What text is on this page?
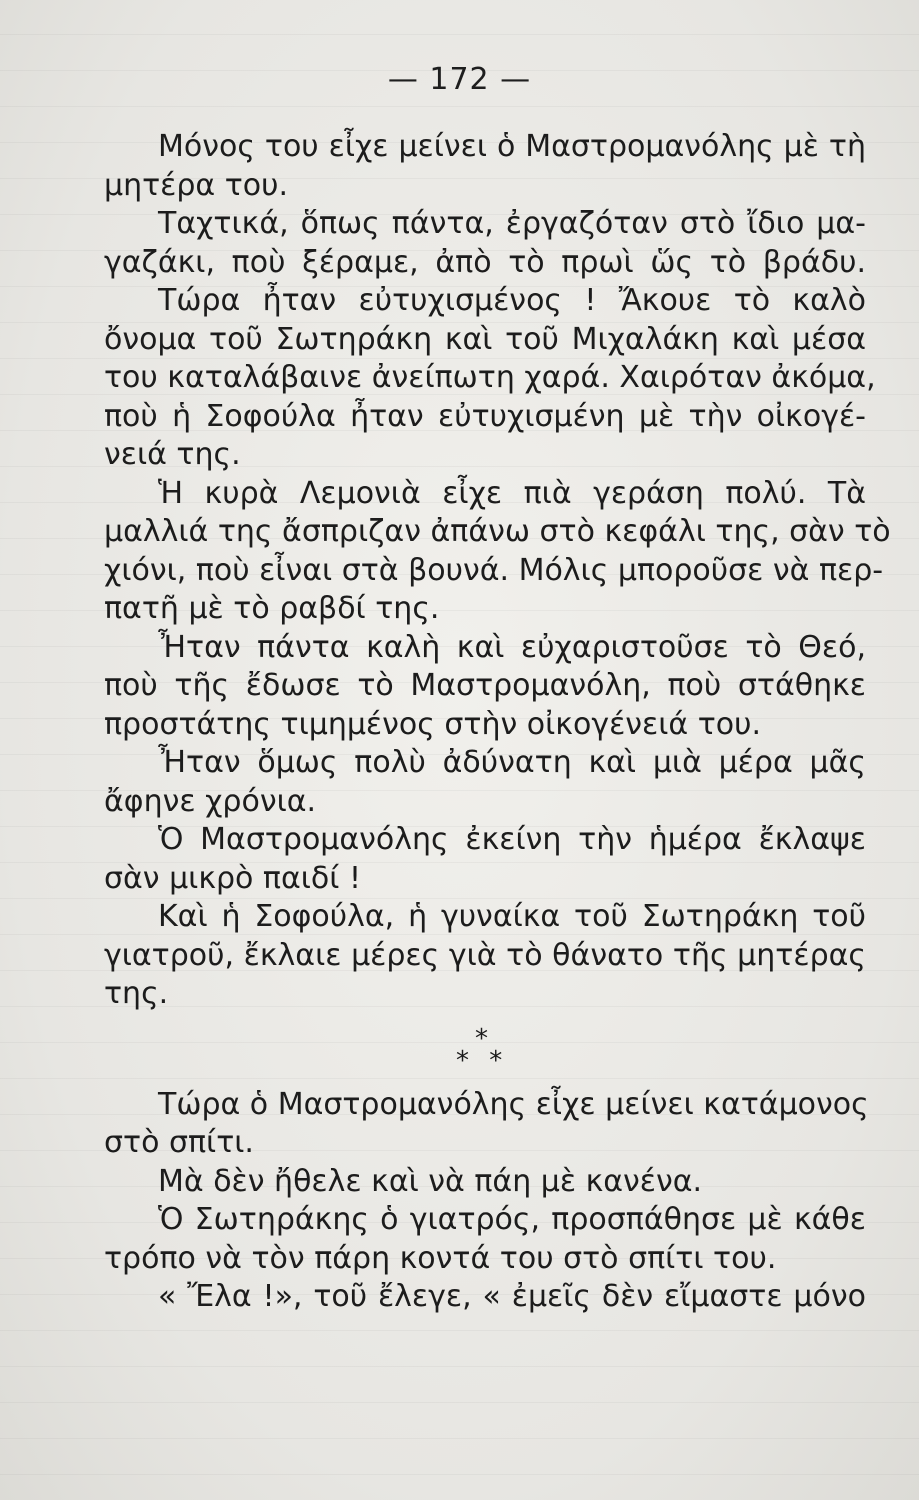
— 172 —
Μόνος του εἶχε μείνει ὁ Μαστρομανόλης μὲ τὴ
μητέρα του.
Ταχτικά, ὅπως πάντα, ἐργαζόταν στὸ ἴδιο μα-
γαζάκι, ποὺ ξέραμε, ἀπὸ τὸ πρωὶ ὥς τὸ βράδυ.
Τώρα ἦταν εὐτυχισμένος ! Ἄκουε τὸ καλὸ
ὄνομα τοῦ Σωτηράκη καὶ τοῦ Μιχαλάκη καὶ μέσα
του καταλάβαινε ἀνείπωτη χαρά. Χαιρόταν ἀκόμα,
ποὺ ἡ Σοφούλα ἦταν εὐτυχισμένη μὲ τὴν οἰκογέ-
νειά της.
Ἡ κυρὰ Λεμονιὰ εἶχε πιὰ γεράση πολύ. Τὰ
μαλλιά της ἄσπριζαν ἀπάνω στὸ κεφάλι της, σὰν τὸ
χιόνι, ποὺ εἶναι στὰ βουνά. Μόλις μποροῦσε νὰ περ-
πατῆ μὲ τὸ ραβδί της.
Ἦταν πάντα καλὴ καὶ εὐχαριστοῦσε τὸ Θεό,
ποὺ τῆς ἔδωσε τὸ Μαστρομανόλη, ποὺ στάθηκε
προστάτης τιμημένος στὴν οἰκογένειά του.
Ἦταν ὅμως πολὺ ἀδύνατη καὶ μιὰ μέρα μᾶς
ἄφηνε χρόνια.
Ὁ Μαστρομανόλης ἐκείνη τὴν ἡμέρα ἔκλαψε
σὰν μικρὸ παιδί !
Καὶ ἡ Σοφούλα, ἡ γυναίκα τοῦ Σωτηράκη τοῦ
γιατροῦ, ἔκλαιε μέρες γιὰ τὸ θάνατο τῆς μητέρας
της.
*
* *
Τώρα ὁ Μαστρομανόλης εἶχε μείνει κατάμονος
στὸ σπίτι.
Μὰ δὲν ἤθελε καὶ νὰ πάη μὲ κανένα.
Ὁ Σωτηράκης ὁ γιατρός, προσπάθησε μὲ κάθε
τρόπο νὰ τὸν πάρη κοντά του στὸ σπίτι του.
« Ἔλα !», τοῦ ἔλεγε, « ἐμεῖς δὲν εἴμαστε μόνο
